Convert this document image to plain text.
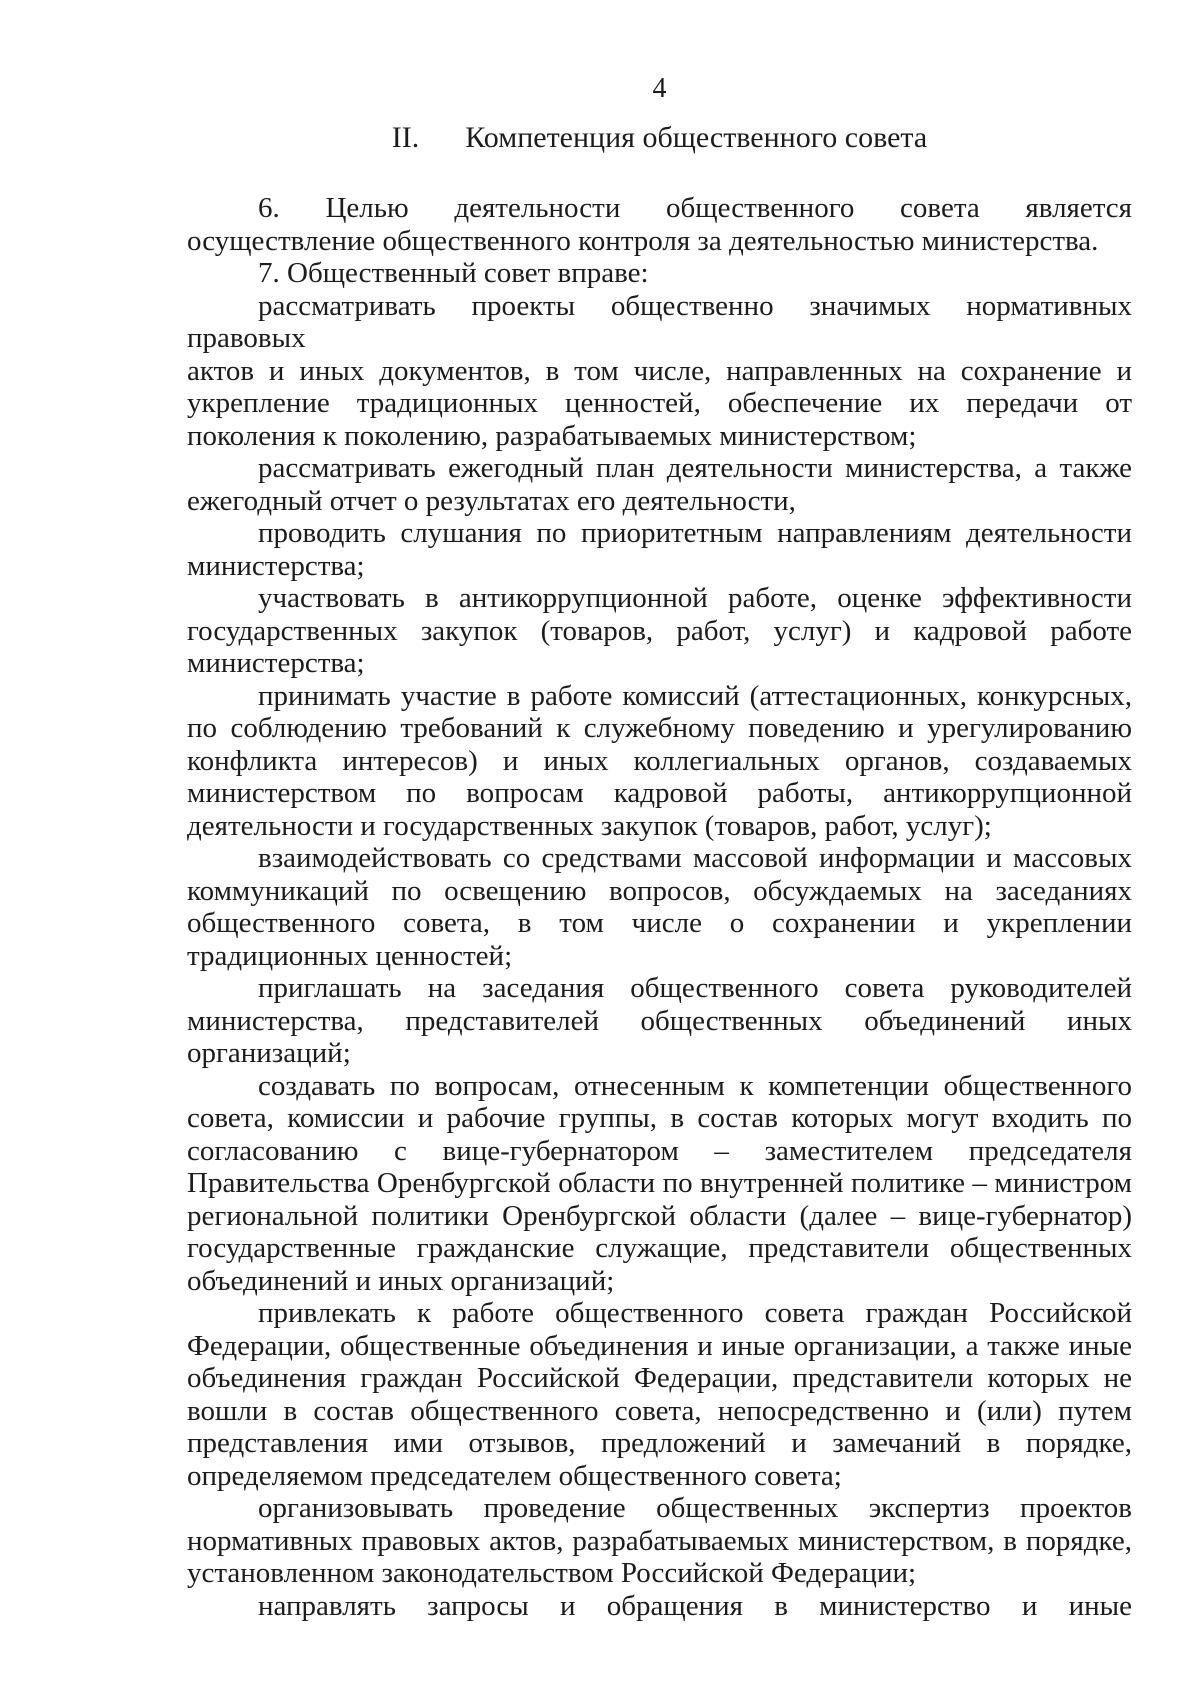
4
II. Компетенция общественного совета
6. Целью деятельности общественного совета является
осуществление общественного контроля за деятельностью министерства.
7. Общественный совет вправе:
рассматривать проекты общественно значимых нормативных правовых
актов и иных документов, в том числе, направленных на сохранение и
укрепление традиционных ценностей, обеспечение их передачи от
поколения к поколению, разрабатываемых министерством;
рассматривать ежегодный план деятельности министерства, а также
ежегодный отчет о результатах его деятельности,
проводить слушания по приоритетным направлениям деятельности
министерства;
участвовать в антикоррупционной работе, оценке эффективности
государственных закупок (товаров, работ, услуг) и кадровой работе
министерства;
принимать участие в работе комиссий (аттестационных, конкурсных,
по соблюдению требований к служебному поведению и урегулированию
конфликта интересов) и иных коллегиальных органов, создаваемых
министерством по вопросам кадровой работы, антикоррупционной
деятельности и государственных закупок (товаров, работ, услуг);
взаимодействовать со средствами массовой информации и массовых
коммуникаций по освещению вопросов, обсуждаемых на заседаниях
общественного совета, в том числе о сохранении и укреплении
традиционных ценностей;
приглашать на заседания общественного совета руководителей
министерства, представителей общественных объединений иных
организаций;
создавать по вопросам, отнесенным к компетенции общественного
совета, комиссии и рабочие группы, в состав которых могут входить по
согласованию с вице-губернатором – заместителем председателя
Правительства Оренбургской области по внутренней политике – министром
региональной политики Оренбургской области (далее – вице-губернатор)
государственные гражданские служащие, представители общественных
объединений и иных организаций;
привлекать к работе общественного совета граждан Российской
Федерации, общественные объединения и иные организации, а также иные
объединения граждан Российской Федерации, представители которых не
вошли в состав общественного совета, непосредственно и (или) путем
представления ими отзывов, предложений и замечаний в порядке,
определяемом председателем общественного совета;
организовывать проведение общественных экспертиз проектов
нормативных правовых актов, разрабатываемых министерством, в порядке,
установленном законодательством Российской Федерации;
направлять запросы и обращения в министерство и иные
